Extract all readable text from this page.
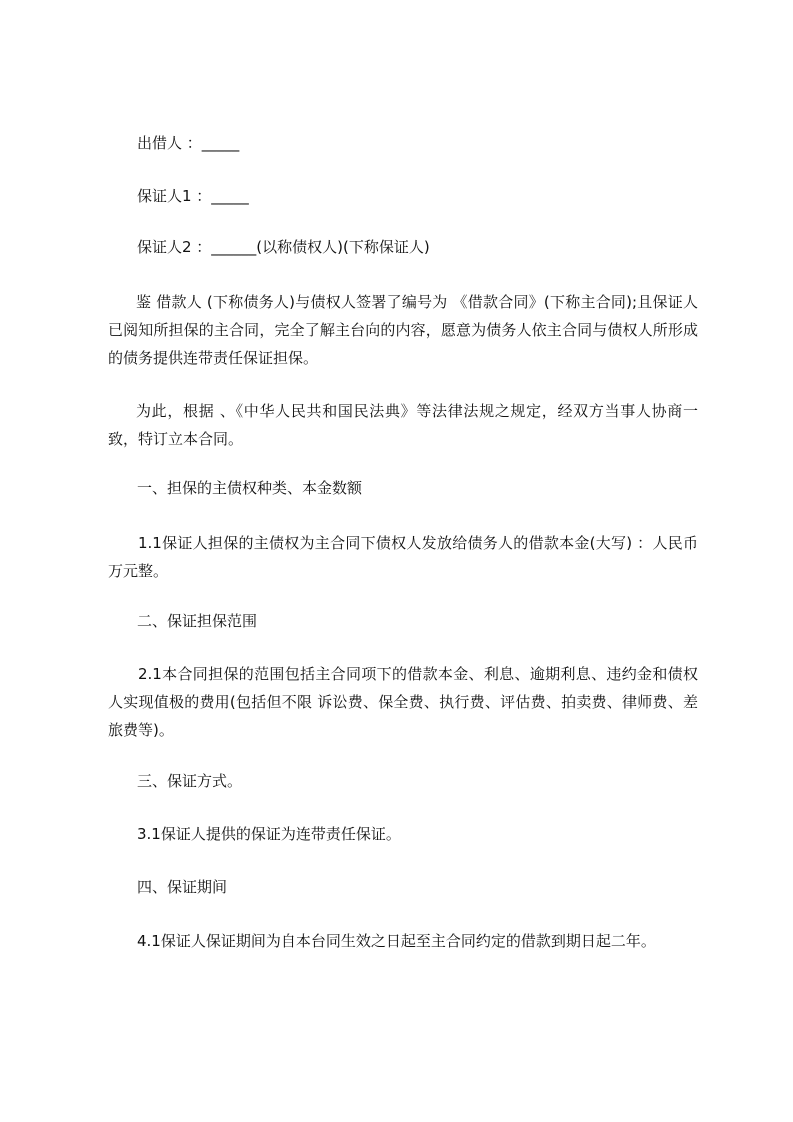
出借人 ：_____
保证人1 ：_____
保证人2 ：______(以称债权人)(下称保证人)
鉴 借款人 (下称债务人)与债权人签署了编号为 《借款合同》(下称主合同);且保证人已阅知所担保的主合同，完全了解主台向的内容，愿意为债务人依主合同与债权人所形成的债务提供连带责任保证担保。
为此，根据 、《中华人民共和国民法典》等法律法规之规定，经双方当事人协商一致，特订立本合同。
一、担保的主债权种类、本金数额
1.1保证人担保的主债权为主合同下债权人发放给债务人的借款本金(大写) ：人民币 万元整。
二、保证担保范围
2.1本合同担保的范围包括主合同项下的借款本金、利息、逾期利息、违约金和债权人实现值极的费用(包括但不限 诉讼费、保全费、执行费、评估费、拍卖费、律师费、差旅费等)。
三、保证方式。
3.1保证人提供的保证为连带责任保证。
四、保证期间
4.1保证人保证期间为自本台同生效之日起至主合同约定的借款到期日起二年。
